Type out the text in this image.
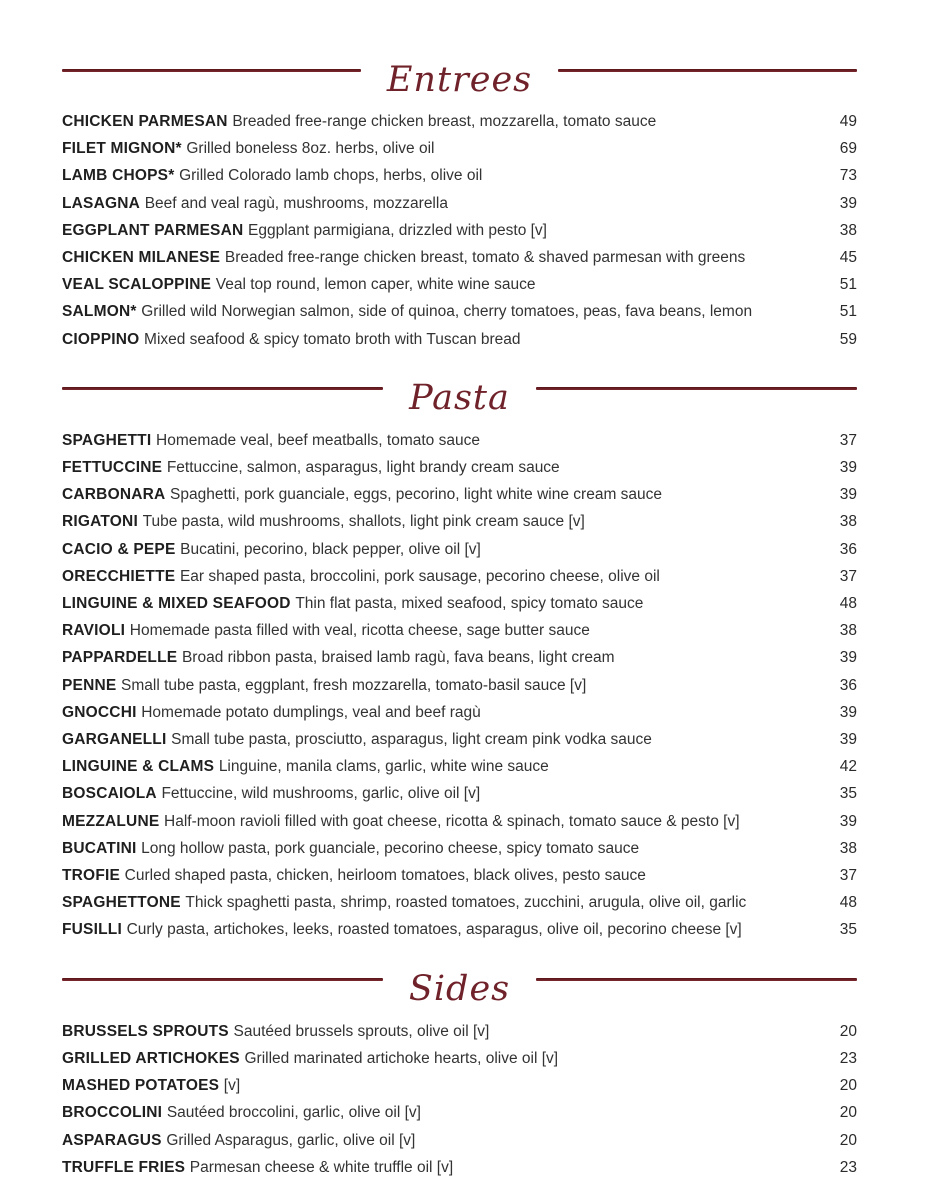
Entrees
CHICKEN PARMESAN Breaded free-range chicken breast, mozzarella, tomato sauce	49
FILET MIGNON* Grilled boneless 8oz. herbs, olive oil	69
LAMB CHOPS* Grilled Colorado lamb chops, herbs, olive oil	73
LASAGNA Beef and veal ragù, mushrooms, mozzarella	39
EGGPLANT PARMESAN Eggplant parmigiana, drizzled with pesto [v]	38
CHICKEN MILANESE Breaded free-range chicken breast, tomato & shaved parmesan with greens	45
VEAL SCALOPPINE Veal top round, lemon caper, white wine sauce	51
SALMON* Grilled wild Norwegian salmon, side of quinoa, cherry tomatoes, peas, fava beans, lemon	51
CIOPPINO Mixed seafood & spicy tomato broth with Tuscan bread	59
Pasta
SPAGHETTI Homemade veal, beef meatballs, tomato sauce	37
FETTUCCINE Fettuccine, salmon, asparagus, light brandy cream sauce	39
CARBONARA Spaghetti, pork guanciale, eggs, pecorino, light white wine cream sauce	39
RIGATONI Tube pasta, wild mushrooms, shallots, light pink cream sauce [v]	38
CACIO & PEPE Bucatini, pecorino, black pepper, olive oil [v]	36
ORECCHIETTE Ear shaped pasta, broccolini, pork sausage, pecorino cheese, olive oil	37
LINGUINE & MIXED SEAFOOD Thin flat pasta, mixed seafood, spicy tomato sauce	48
RAVIOLI Homemade pasta filled with veal, ricotta cheese, sage butter sauce	38
PAPPARDELLE Broad ribbon pasta, braised lamb ragù, fava beans, light cream	39
PENNE Small tube pasta, eggplant, fresh mozzarella, tomato-basil sauce [v]	36
GNOCCHI Homemade potato dumplings, veal and beef ragù	39
GARGANELLI Small tube pasta, prosciutto, asparagus, light cream pink vodka sauce	39
LINGUINE & CLAMS Linguine, manila clams, garlic, white wine sauce	42
BOSCAIOLA Fettuccine, wild mushrooms, garlic, olive oil [v]	35
MEZZALUNE Half-moon ravioli filled with goat cheese, ricotta & spinach, tomato sauce & pesto [v]	39
BUCATINI Long hollow pasta, pork guanciale, pecorino cheese, spicy tomato sauce	38
TROFIE Curled shaped pasta, chicken, heirloom tomatoes, black olives, pesto sauce	37
SPAGHETTONE Thick spaghetti pasta, shrimp, roasted tomatoes, zucchini, arugula, olive oil, garlic	48
FUSILLI Curly pasta, artichokes, leeks, roasted tomatoes, asparagus, olive oil, pecorino cheese [v]	35
Sides
BRUSSELS SPROUTS Sautéed brussels sprouts, olive oil [v]	20
GRILLED ARTICHOKES Grilled marinated artichoke hearts, olive oil [v]	23
MASHED POTATOES [v]	20
BROCCOLINI Sautéed broccolini, garlic, olive oil [v]	20
ASPARAGUS Grilled Asparagus, garlic, olive oil [v]	20
TRUFFLE FRIES Parmesan cheese & white truffle oil [v]	23
